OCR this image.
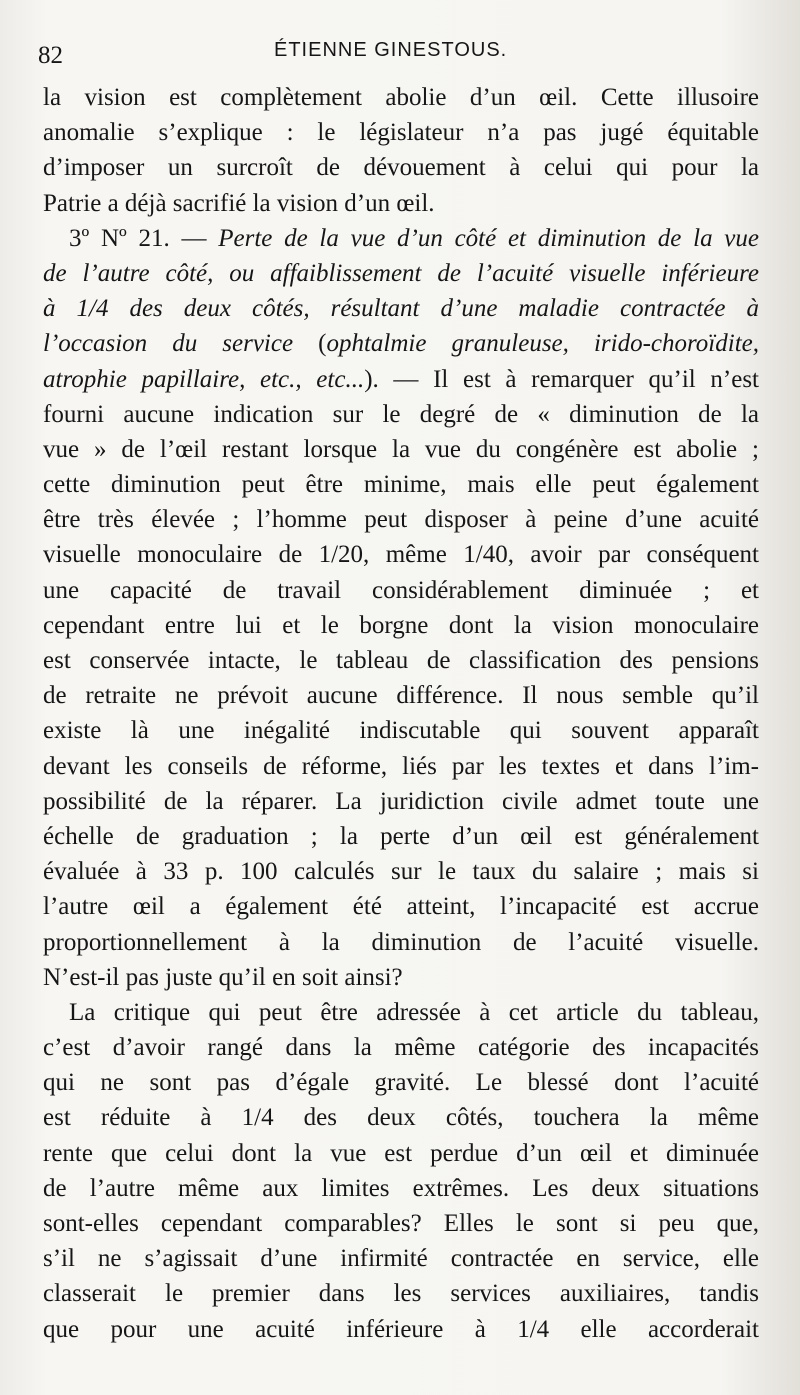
82	ÉTIENNE GINESTOUS.
la vision est complètement abolie d’un œil. Cette illusoire
anomalie s’explique : le législateur n’a pas jugé équitable
d’imposer un surcroît de dévouement à celui qui pour la
Patrie a déjà sacrifié la vision d’un œil.
3º Nº 21. — Perte de la vue d’un côté et diminution de la vue
de l’autre côté, ou affaiblissement de l’acuité visuelle inférieure
à 1/4 des deux côtés, résultant d’une maladie contractée à
l’occasion du service (ophtalmie granuleuse, irido-choroïdite,
atrophie papillaire, etc., etc...). — Il est à remarquer qu’il n’est
fourni aucune indication sur le degré de « diminution de la
vue » de l’œil restant lorsque la vue du congénère est abolie ;
cette diminution peut être minime, mais elle peut également
être très élevée ; l’homme peut disposer à peine d’une acuité
visuelle monoculaire de 1/20, même 1/40, avoir par conséquent
une capacité de travail considérablement diminuée ; et
cependant entre lui et le borgne dont la vision monoculaire
est conservée intacte, le tableau de classification des pensions
de retraite ne prévoit aucune différence. Il nous semble qu’il
existe là une inégalité indiscutable qui souvent apparaît
devant les conseils de réforme, liés par les textes et dans l’im-
possibilité de la réparer. La juridiction civile admet toute une
échelle de graduation ; la perte d’un œil est généralement
évaluée à 33 p. 100 calculés sur le taux du salaire ; mais si
l’autre œil a également été atteint, l’incapacité est accrue
proportionnellement à la diminution de l’acuité visuelle.
N’est-il pas juste qu’il en soit ainsi?
La critique qui peut être adressée à cet article du tableau,
c’est d’avoir rangé dans la même catégorie des incapacités
qui ne sont pas d’égale gravité. Le blessé dont l’acuité
est réduite à 1/4 des deux côtés, touchera la même
rente que celui dont la vue est perdue d’un œil et diminuée
de l’autre même aux limites extrêmes. Les deux situations
sont-elles cependant comparables? Elles le sont si peu que,
s’il ne s’agissait d’une infirmité contractée en service, elle
classerait le premier dans les services auxiliaires, tandis
que pour une acuité inférieure à 1/4 elle accorderait
